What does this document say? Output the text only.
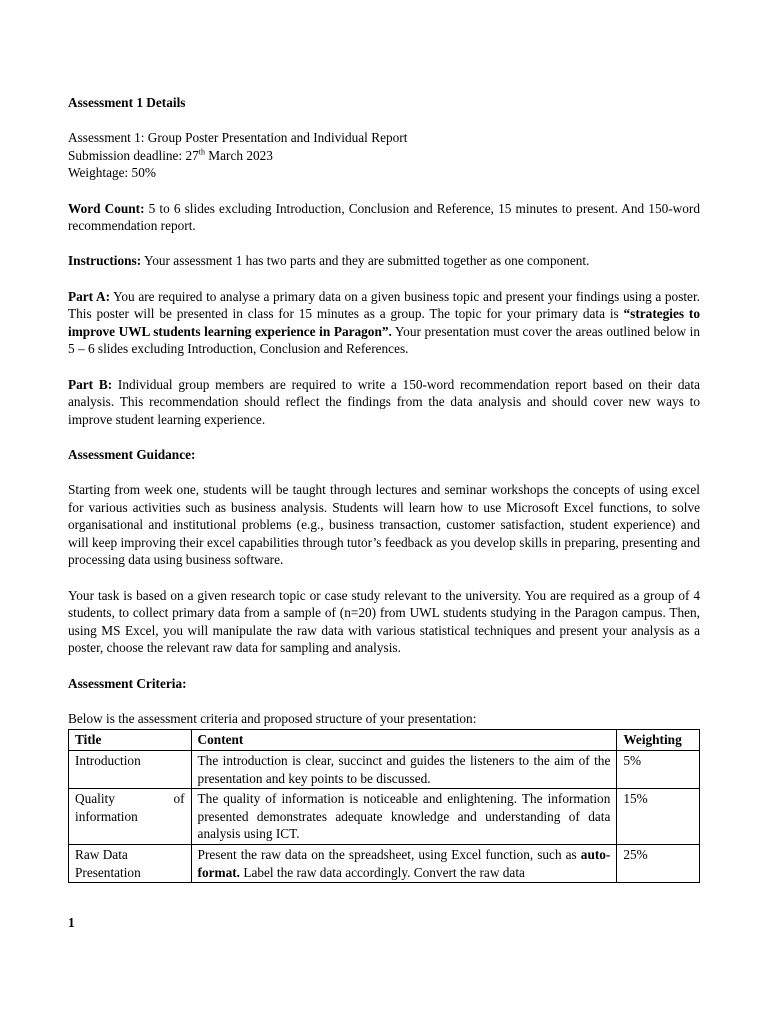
Assessment 1 Details

Assessment 1: Group Poster Presentation and Individual Report

Submission deadline: 27th March 2023

Weightage: 50%

Word Count: 5 to 6 slides excluding Introduction, Conclusion and Reference, 15 minutes to present. And 150-word recommendation report.

Instructions: Your assessment 1 has two parts and they are submitted together as one component.

Part A: You are required to analyse a primary data on a given business topic and present your findings using a poster. This poster will be presented in class for 15 minutes as a group. The topic for your primary data is “strategies to improve UWL students learning experience in Paragon”. Your presentation must cover the areas outlined below in 5 – 6 slides excluding Introduction, Conclusion and References.

Part B: Individual group members are required to write a 150-word recommendation report based on their data analysis. This recommendation should reflect the findings from the data analysis and should cover new ways to improve student learning experience.

Assessment Guidance:

Starting from week one, students will be taught through lectures and seminar workshops the concepts of using excel for various activities such as business analysis. Students will learn how to use Microsoft Excel functions, to solve organisational and institutional problems (e.g., business transaction, customer satisfaction, student experience) and will keep improving their excel capabilities through tutor’s feedback as you develop skills in preparing, presenting and processing data using business software.

Your task is based on a given research topic or case study relevant to the university. You are required as a group of 4 students, to collect primary data from a sample of (n=20) from UWL students studying in the Paragon campus. Then, using MS Excel, you will manipulate the raw data with various statistical techniques and present your analysis as a poster, choose the relevant raw data for sampling and analysis.

Assessment Criteria:

Below is the assessment criteria and proposed structure of your presentation:

Title	Content	Weighting
Introduction	The introduction is clear, succinct and guides the listeners to the aim of the presentation and key points to be discussed.	5%
Quality of information	The quality of information is noticeable and enlightening. The information presented demonstrates adequate knowledge and understanding of data analysis using ICT.	15%
Raw Data Presentation	Present the raw data on the spreadsheet, using Excel function, such as auto-format. Label the raw data accordingly. Convert the raw data	25%

1
